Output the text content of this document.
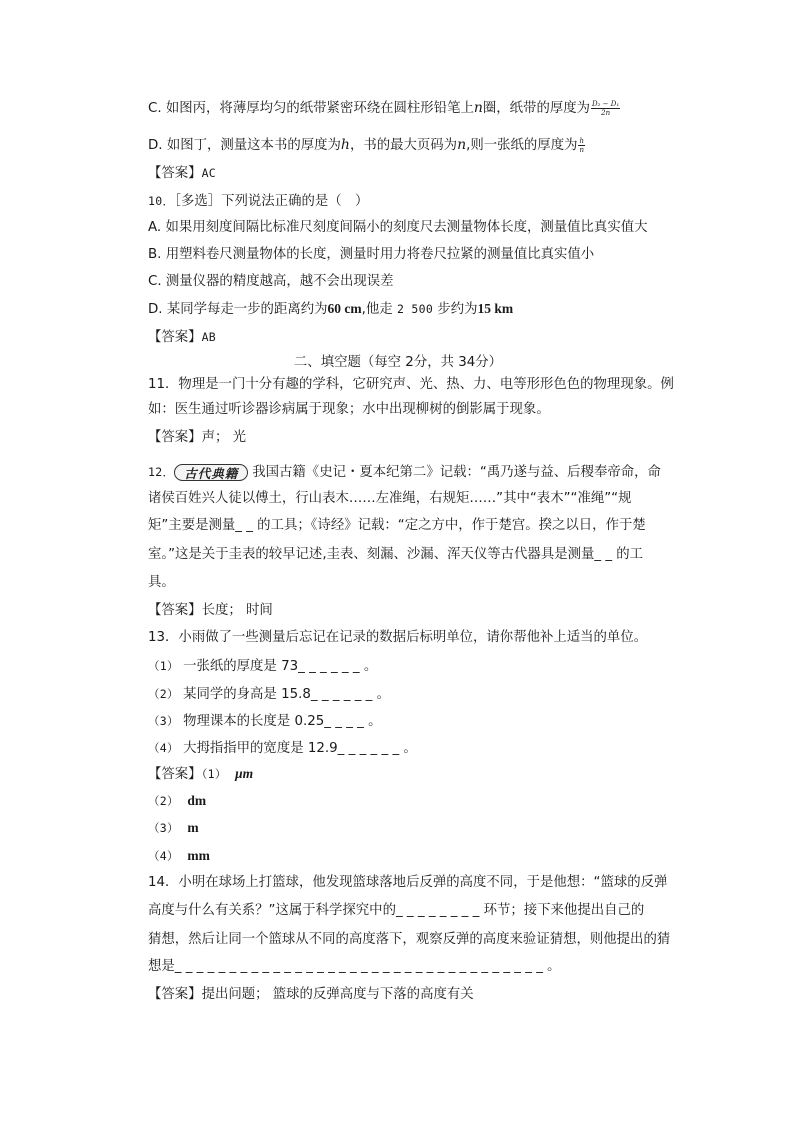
C. 如图丙，将薄厚均匀的纸带紧密环绕在圆柱形铅笔上n圈，纸带的厚度为 $\frac{\text{D₂ − D₁}}{2n}$
D. 如图丁，测量这本书的厚度为h，书的最大页码为n,则一张纸的厚度为 $\frac{h}{n}$
【答案】AC
10．［多选］下列说法正确的是（　）
A. 如果用刻度间隔比标准尺刻度间隔小的刻度尺去测量物体长度，测量值比真实值大
B. 用塑料卷尺测量物体的长度，测量时用力将卷尺拉紧的测量值比真实值小
C. 测量仪器的精度越高，越不会出现误差
D. 某同学每走一步的距离约为60 cm,他走 2 500 步约为15 km
【答案】AB
二、填空题（每空 2分，共 34分）
11．物理是一门十分有趣的学科，它研究声、光、热、力、电等形形色色的物理现象。例
如：医生通过听诊器诊病属于现象；水中出现柳树的倒影属于现象。
【答案】声； 光
12． 古代典籍 我国古籍《史记・夏本纪第二》记载：“禹乃遂与益、后稷奉帝命，命
诸侯百姓兴人徒以傅土，行山表木……左准绳，右规矩……”其中“表木”“准绳”“规
矩”主要是测量_ _ 的工具；《诗经》记载：“定之方中，作于楚宫。揆之以日，作于楚
室。”这是关于圭表的较早记述,圭表、刻漏、沙漏、浑天仪等古代器具是测量_ _ 的工
具。
【答案】长度； 时间
13．小雨做了一些测量后忘记在记录的数据后标明单位，请你帮他补上适当的单位。
（1） 一张纸的厚度是 73_ _ _ _ _ _ 。
（2） 某同学的身高是 15.8_ _ _ _ _ _ 。
（3） 物理课本的长度是 0.25_ _ _ _ 。
（4） 大拇指指甲的宽度是 12.9_ _ _ _ _ _ 。
【答案】（1） μm
（2） dm
（3） m
（4） mm
14．小明在球场上打篮球，他发现篮球落地后反弹的高度不同，于是他想：“篮球的反弹
高度与什么有关系？”这属于科学探究中的_ _ _ _ _ _ _ _ 环节；接下来他提出自己的
猜想，然后让同一个篮球从不同的高度落下，观察反弹的高度来验证猜想，则他提出的猜
想是_ _ _ _ _ _ _ _ _ _ _ _ _ _ _ _ _ _ _ _ _ _ _ _ _ _ _ _ _ _ _ _ _ _ 。
【答案】提出问题； 篮球的反弹高度与下落的高度有关
